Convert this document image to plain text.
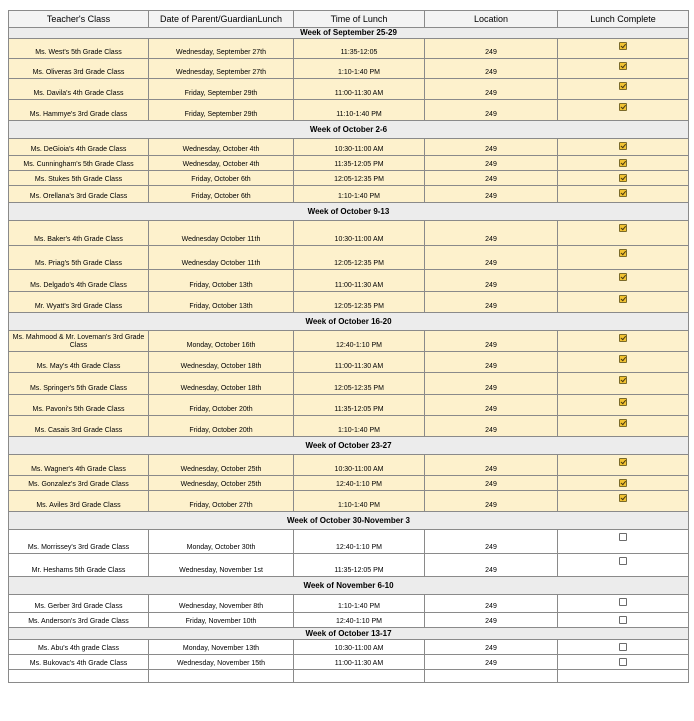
Teacher's Class	Date of Parent/GuardianLunch	Time of Lunch	Location	Lunch Complete
Week of September 25-29				
Ms. West's 5th Grade Class	Wednesday, September 27th	11:35-12:05	249	
Ms. Oliveras 3rd Grade Class	Wednesday, September 27th	1:10-1:40 PM	249	
Ms. Davila's 4th Grade Class	Friday, September 29th	11:00-11:30 AM	249	
Ms. Hammye's 3rd Grade class	Friday, September 29th	11:10-1:40 PM	249	
Week of October 2-6				
Ms. DeGioia's 4th Grade Class	Wednesday, October 4th	10:30-11:00 AM	249	
Ms. Cunningham's 5th Grade Class	Wednesday, October 4th	11:35-12:05 PM	249	
Ms. Stukes 5th Grade Class	Friday, October 6th	12:05-12:35 PM	249	
Ms. Orellana's 3rd Grade Class	Friday, October 6th	1:10-1:40 PM	249	
Week of October 9-13				
Ms. Baker's 4th Grade Class	Wednesday October 11th	10:30-11:00 AM	249	
Ms. Priag's 5th Grade Class	Wednesday October 11th	12:05-12:35 PM	249	
Ms. Delgado's 4th Grade Class	Friday, October 13th	11:00-11:30 AM	249	
Mr. Wyatt's 3rd Grade Class	Friday, October 13th	12:05-12:35 PM	249	
Week of October 16-20				
Ms. Mahmood & Mr. Loveman's 3rd Grade Class	Monday, October 16th	12:40-1:10 PM	249	
Ms. May's 4th Grade Class	Wednesday, October 18th	11:00-11:30 AM	249	
Ms. Springer's 5th Grade Class	Wednesday, October 18th	12:05-12:35 PM	249	
Ms. Pavoni's 5th Grade Class	Friday, October 20th	11:35-12:05 PM	249	
Ms. Casais 3rd Grade Class	Friday, October 20th	1:10-1:40 PM	249	
Week of October 23-27				
Ms. Wagner's 4th Grade Class	Wednesday, October 25th	10:30-11:00 AM	249	
Ms. Gonzalez's 3rd Grade Class	Wednesday, October 25th	12:40-1:10 PM	249	
Ms. Aviles 3rd Grade Class	Friday, October 27th	1:10-1:40 PM	249	
Week of October 30-November 3				
Ms. Morrissey's 3rd Grade Class	Monday, October 30th	12:40-1:10 PM	249	
Mr. Heshams 5th Grade Class	Wednesday, November 1st	11:35-12:05 PM	249	
Week of November 6-10				
Ms. Gerber 3rd Grade Class	Wednesday, November 8th	1:10-1:40 PM	249	
Ms. Anderson's 3rd Grade Class	Friday, November 10th	12:40-1:10 PM	249	
Week of October 13-17				
Ms. Abu's 4th grade Class	Monday, November 13th	10:30-11:00 AM	249	
Ms. Bukovac's 4th Grade Class	Wednesday, November 15th	11:00-11:30 AM	249	
